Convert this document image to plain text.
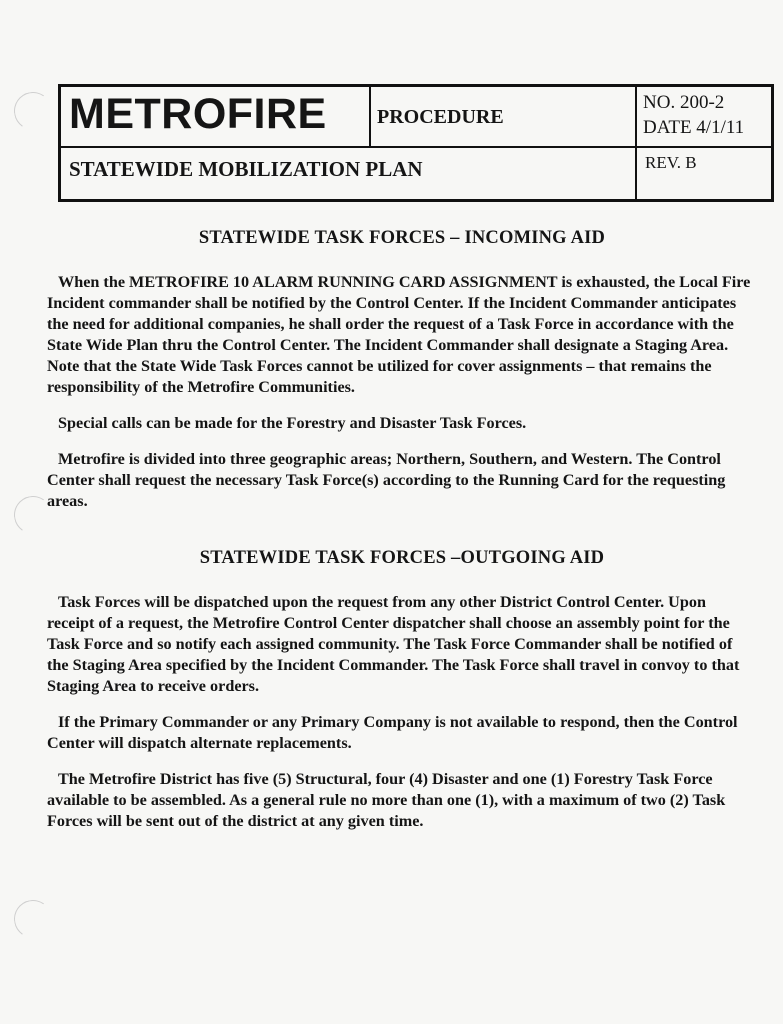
METROFIRE	PROCEDURE
NO. 200-2
DATE 4/1/11
STATEWIDE MOBILIZATION PLAN	REV. B
STATEWIDE TASK FORCES – INCOMING AID

When the METROFIRE 10 ALARM RUNNING CARD ASSIGNMENT is exhausted, the Local Fire Incident commander shall be notified by the Control Center. If the Incident Commander anticipates the need for additional companies, he shall order the request of a Task Force in accordance with the State Wide Plan thru the Control Center. The Incident Commander shall designate a Staging Area. Note that the State Wide Task Forces cannot be utilized for cover assignments – that remains the responsibility of the Metrofire Communities.

Special calls can be made for the Forestry and Disaster Task Forces.

Metrofire is divided into three geographic areas; Northern, Southern, and Western. The Control Center shall request the necessary Task Force(s) according to the Running Card for the requesting areas.

STATEWIDE TASK FORCES –OUTGOING AID

Task Forces will be dispatched upon the request from any other District Control Center. Upon receipt of a request, the Metrofire Control Center dispatcher shall choose an assembly point for the Task Force and so notify each assigned community. The Task Force Commander shall be notified of the Staging Area specified by the Incident Commander. The Task Force shall travel in convoy to that Staging Area to receive orders.

If the Primary Commander or any Primary Company is not available to respond, then the Control Center will dispatch alternate replacements.

The Metrofire District has five (5) Structural, four (4) Disaster and one (1) Forestry Task Force available to be assembled. As a general rule no more than one (1), with a maximum of two (2) Task Forces will be sent out of the district at any given time.
